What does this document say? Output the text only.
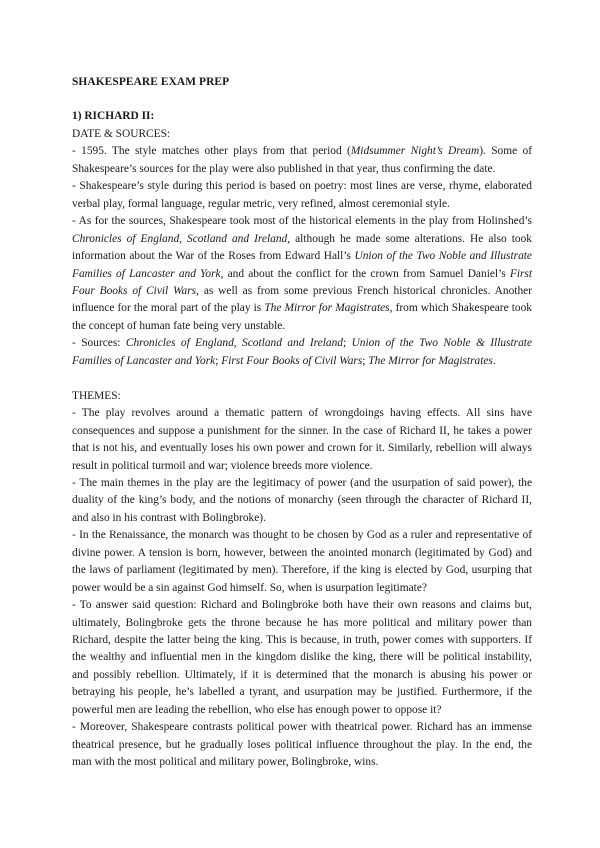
SHAKESPEARE EXAM PREP
1) RICHARD II:
DATE & SOURCES:

- 1595. The style matches other plays from that period (Midsummer Night’s Dream). Some of Shakespeare’s sources for the play were also published in that year, thus confirming the date.

- Shakespeare’s style during this period is based on poetry: most lines are verse, rhyme, elaborated verbal play, formal language, regular metric, very refined, almost ceremonial style.

- As for the sources, Shakespeare took most of the historical elements in the play from Holinshed’s Chronicles of England, Scotland and Ireland, although he made some alterations. He also took information about the War of the Roses from Edward Hall’s Union of the Two Noble and Illustrate Families of Lancaster and York, and about the conflict for the crown from Samuel Daniel’s First Four Books of Civil Wars, as well as from some previous French historical chronicles. Another influence for the moral part of the play is The Mirror for Magistrates, from which Shakespeare took the concept of human fate being very unstable.

- Sources: Chronicles of England, Scotland and Ireland; Union of the Two Noble & Illustrate Families of Lancaster and York; First Four Books of Civil Wars; The Mirror for Magistrates.

THEMES:

- The play revolves around a thematic pattern of wrongdoings having effects. All sins have consequences and suppose a punishment for the sinner. In the case of Richard II, he takes a power that is not his, and eventually loses his own power and crown for it. Similarly, rebellion will always result in political turmoil and war; violence breeds more violence.

- The main themes in the play are the legitimacy of power (and the usurpation of said power), the duality of the king’s body, and the notions of monarchy (seen through the character of Richard II, and also in his contrast with Bolingbroke).

- In the Renaissance, the monarch was thought to be chosen by God as a ruler and representative of divine power. A tension is born, however, between the anointed monarch (legitimated by God) and the laws of parliament (legitimated by men). Therefore, if the king is elected by God, usurping that power would be a sin against God himself. So, when is usurpation legitimate?

- To answer said question: Richard and Bolingbroke both have their own reasons and claims but, ultimately, Bolingbroke gets the throne because he has more political and military power than Richard, despite the latter being the king. This is because, in truth, power comes with supporters. If the wealthy and influential men in the kingdom dislike the king, there will be political instability, and possibly rebellion. Ultimately, if it is determined that the monarch is abusing his power or betraying his people, he’s labelled a tyrant, and usurpation may be justified. Furthermore, if the powerful men are leading the rebellion, who else has enough power to oppose it?

- Moreover, Shakespeare contrasts political power with theatrical power. Richard has an immense theatrical presence, but he gradually loses political influence throughout the play. In the end, the man with the most political and military power, Bolingbroke, wins.
